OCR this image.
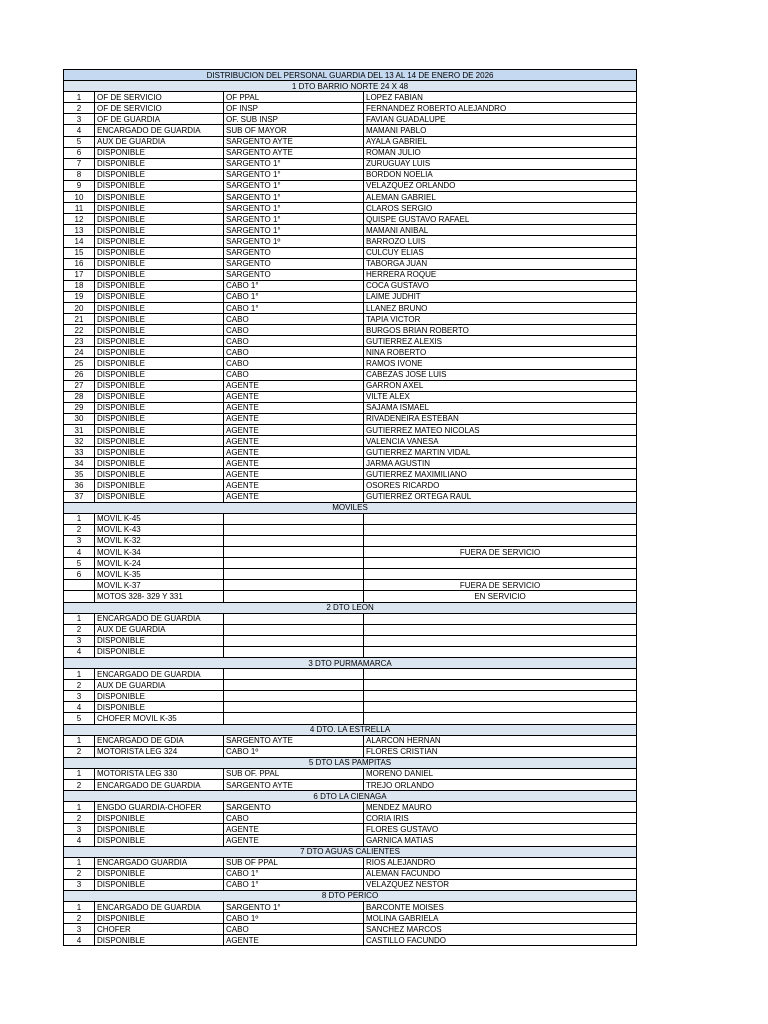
DISTRIBUCION DEL PERSONAL GUARDIA DEL 13 AL 14 DE ENERO DE 2026			
1 DTO BARRIO NORTE 24 X 48			
1	OF DE SERVICIO	OF PPAL	LOPEZ FABIAN
2	OF DE SERVICIO	OF INSP	FERNANDEZ ROBERTO ALEJANDRO
3	OF DE GUARDIA	OF. SUB INSP	FAVIAN GUADALUPE
4	ENCARGADO DE GUARDIA	SUB OF MAYOR	MAMANI PABLO
5	AUX DE GUARDIA	SARGENTO AYTE	AYALA GABRIEL
6	DISPONIBLE	SARGENTO AYTE	ROMAN JULIO
7	DISPONIBLE	SARGENTO 1°	ZURUGUAY LUIS
8	DISPONIBLE	SARGENTO 1°	BORDON NOELIA
9	DISPONIBLE	SARGENTO 1°	VELAZQUEZ ORLANDO
10	DISPONIBLE	SARGENTO 1°	ALEMAN GABRIEL
11	DISPONIBLE	SARGENTO 1°	CLAROS SERGIO
12	DISPONIBLE	SARGENTO 1°	QUISPE GUSTAVO RAFAEL
13	DISPONIBLE	SARGENTO 1°	MAMANI ANIBAL
14	DISPONIBLE	SARGENTO 1º	BARROZO LUIS
15	DISPONIBLE	SARGENTO	CULCUY ELIAS
16	DISPONIBLE	SARGENTO	TABORGA JUAN
17	DISPONIBLE	SARGENTO	HERRERA ROQUE
18	DISPONIBLE	CABO 1°	COCA GUSTAVO
19	DISPONIBLE	CABO 1°	LAIME JUDHIT
20	DISPONIBLE	CABO 1°	LLANEZ BRUNO
21	DISPONIBLE	CABO	TAPIA VICTOR
22	DISPONIBLE	CABO	BURGOS BRIAN ROBERTO
23	DISPONIBLE	CABO	GUTIERREZ ALEXIS
24	DISPONIBLE	CABO	NINA ROBERTO
25	DISPONIBLE	CABO	RAMOS IVONE
26	DISPONIBLE	CABO	CABEZAS JOSE LUIS
27	DISPONIBLE	AGENTE	GARRON AXEL
28	DISPONIBLE	AGENTE	VILTE ALEX
29	DISPONIBLE	AGENTE	SAJAMA ISMAEL
30	DISPONIBLE	AGENTE	RIVADENEIRA ESTEBAN
31	DISPONIBLE	AGENTE	GUTIERREZ MATEO NICOLAS
32	DISPONIBLE	AGENTE	VALENCIA VANESA
33	DISPONIBLE	AGENTE	GUTIERREZ MARTIN VIDAL
34	DISPONIBLE	AGENTE	JARMA AGUSTIN
35	DISPONIBLE	AGENTE	GUTIERREZ MAXIMILIANO
36	DISPONIBLE	AGENTE	OSORES RICARDO
37	DISPONIBLE	AGENTE	GUTIERREZ ORTEGA RAUL
MOVILES			
1	MOVIL K-45		
2	MOVIL K-43		
3	MOVIL K-32		
4	MOVIL K-34		FUERA DE SERVICIO
5	MOVIL K-24		
6	MOVIL K-35		
	MOVIL K-37		FUERA DE SERVICIO
	MOTOS 328- 329 Y 331		EN SERVICIO
2 DTO LEON			
1	ENCARGADO DE GUARDIA		
2	AUX DE GUARDIA		
3	DISPONIBLE		
4	DISPONIBLE		
3 DTO PURMAMARCA			
1	ENCARGADO DE GUARDIA		
2	AUX DE GUARDIA		
3	DISPONIBLE		
4	DISPONIBLE		
5	CHOFER MOVIL K-35		
4 DTO. LA ESTRELLA			
1	ENCARGADO DE GDIA	SARGENTO AYTE	ALARCON HERNAN
2	MOTORISTA LEG 324	CABO 1º	FLORES CRISTIAN
5 DTO LAS PAMPITAS			
1	MOTORISTA LEG 330	SUB OF. PPAL	MORENO DANIEL
2	ENCARGADO DE GUARDIA	SARGENTO AYTE	TREJO ORLANDO
6 DTO LA CIENAGA			
1	ENGDO GUARDIA-CHOFER	SARGENTO	MENDEZ MAURO
2	DISPONIBLE	CABO	CORIA IRIS
3	DISPONIBLE	AGENTE	FLORES GUSTAVO
4	DISPONIBLE	AGENTE	GARNICA MATIAS
7 DTO AGUAS CALIENTES			
1	ENCARGADO GUARDIA	SUB OF PPAL	RIOS ALEJANDRO
2	DISPONIBLE	CABO 1°	ALEMAN FACUNDO
3	DISPONIBLE	CABO 1°	VELAZQUEZ NESTOR
8 DTO PERICO			
1	ENCARGADO DE GUARDIA	SARGENTO 1°	BARCONTE MOISES
2	DISPONIBLE	CABO 1º	MOLINA GABRIELA
3	CHOFER	CABO	SANCHEZ MARCOS
4	DISPONIBLE	AGENTE	CASTILLO FACUNDO
